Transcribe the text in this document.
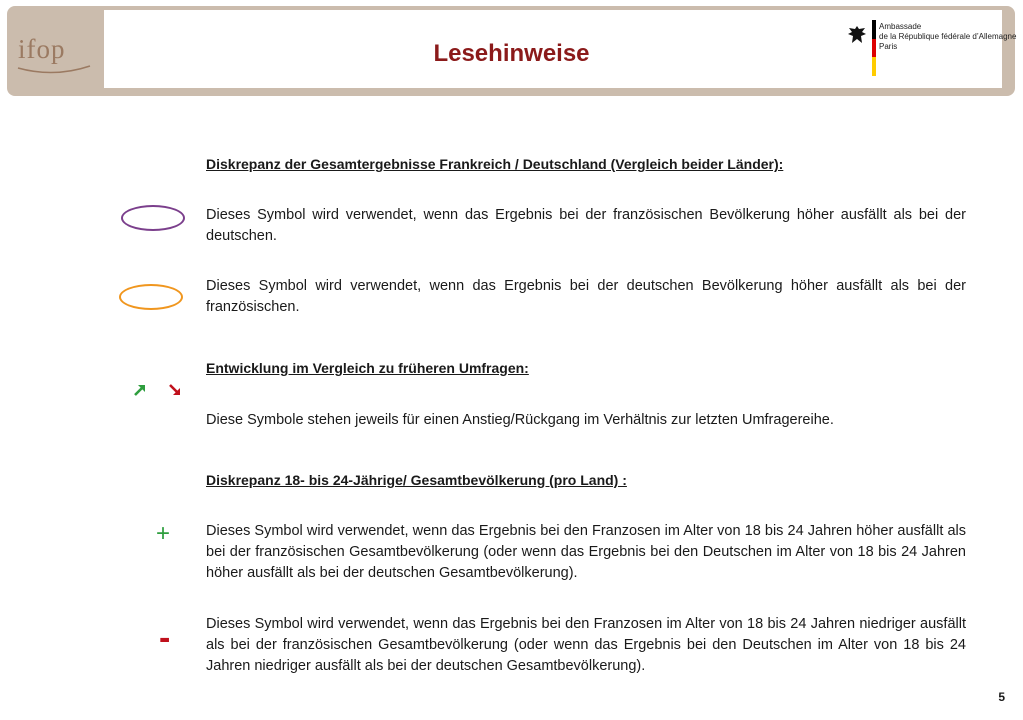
ifop	Lesehinweise
Ambassade
de la République fédérale d’Allemagne
Paris
Diskrepanz der Gesamtergebnisse Frankreich / Deutschland (Vergleich beider Länder):
Dieses Symbol wird verwendet, wenn das Ergebnis bei der französischen Bevölkerung höher ausfällt als bei der deutschen.
Dieses Symbol wird verwendet, wenn das Ergebnis bei der deutschen Bevölkerung höher ausfällt als bei der französischen.
Entwicklung im Vergleich zu früheren Umfragen:
Diese Symbole stehen jeweils für einen Anstieg/Rückgang im Verhältnis zur letzten Umfragereihe.
Diskrepanz 18- bis 24-Jährige/ Gesamtbevölkerung (pro Land) :
+ Dieses Symbol wird verwendet, wenn das Ergebnis bei den Franzosen im Alter von 18 bis 24 Jahren höher ausfällt als bei der französischen Gesamtbevölkerung (oder wenn das Ergebnis bei den Deutschen im Alter von 18 bis 24 Jahren höher ausfällt als bei der deutschen Gesamtbevölkerung).
- Dieses Symbol wird verwendet, wenn das Ergebnis bei den Franzosen im Alter von 18 bis 24 Jahren niedriger ausfällt als bei der französischen Gesamtbevölkerung (oder wenn das Ergebnis bei den Deutschen im Alter von 18 bis 24 Jahren niedriger ausfällt als bei der deutschen Gesamtbevölkerung).
5
